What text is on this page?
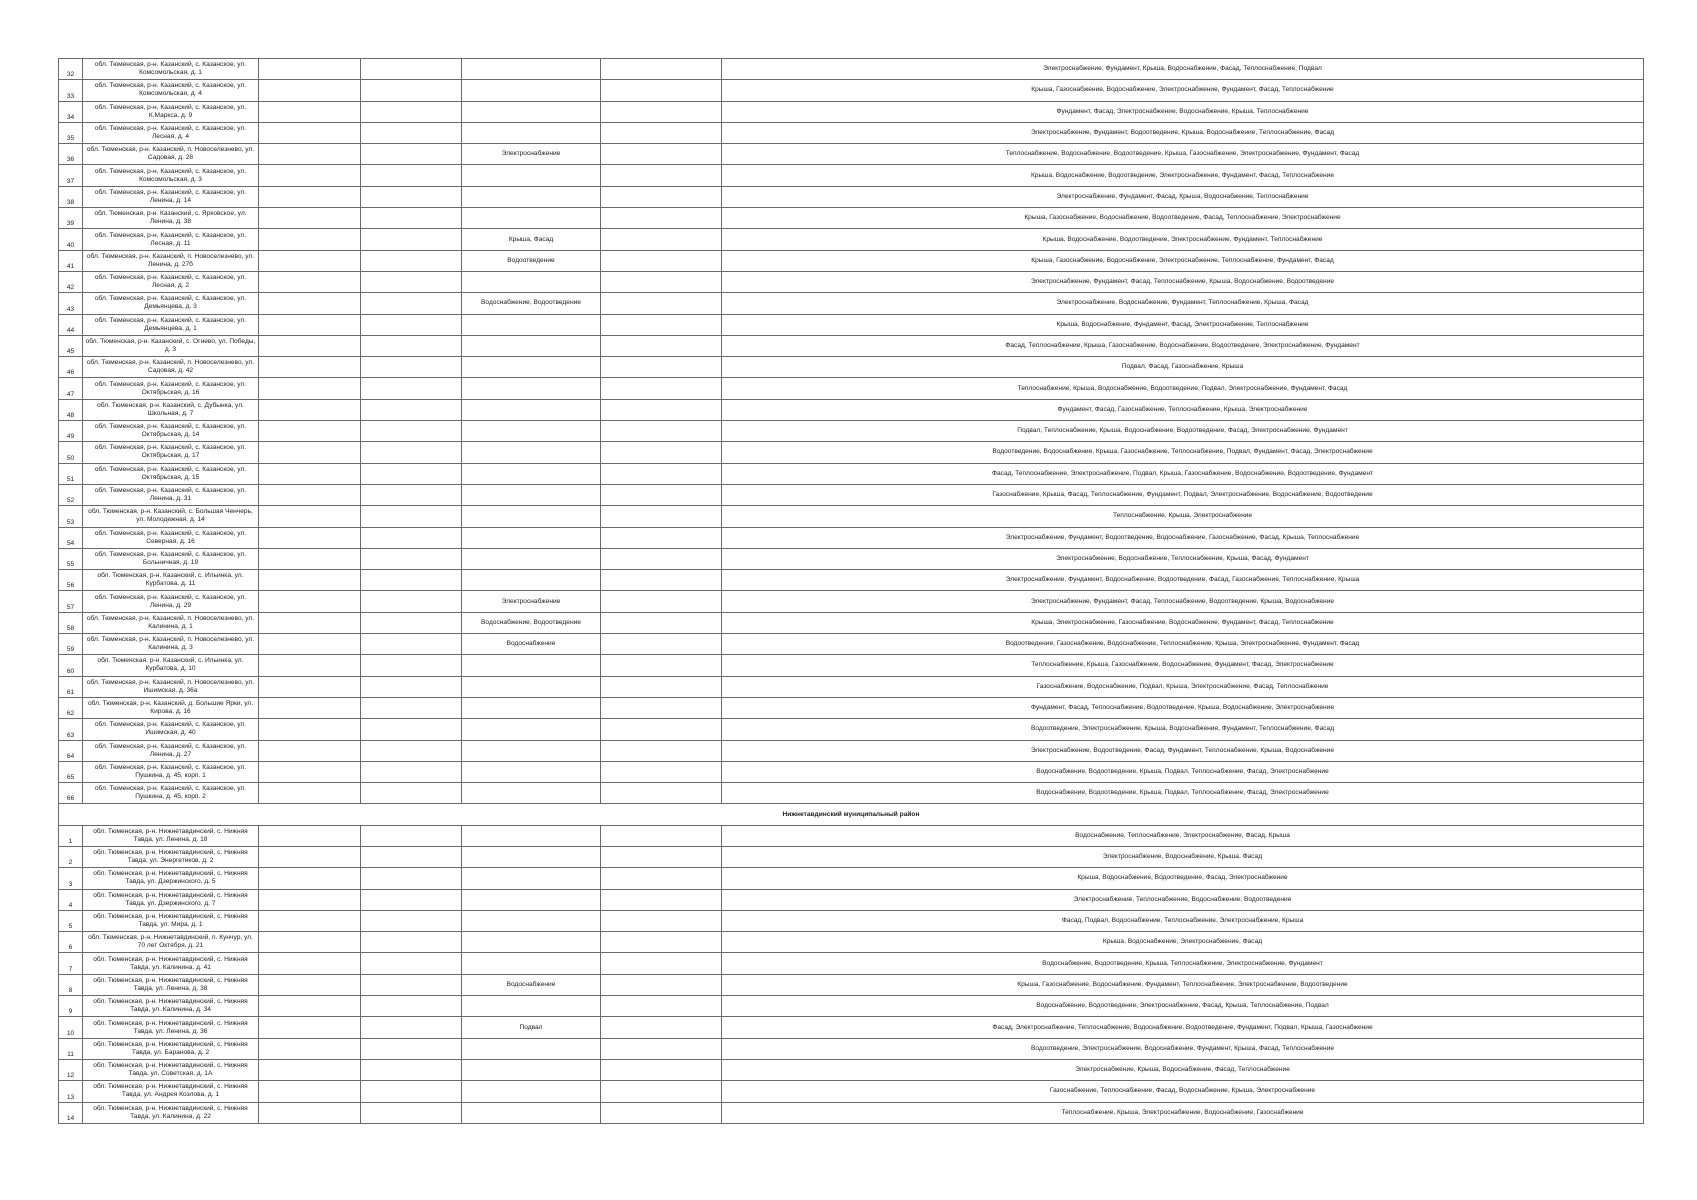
32	обл. Тюменская, р-н. Казанский, с. Казанское, ул. Комсомольская, д. 1					Электроснабжение, Фундамент, Крыша, Водоснабжение, Фасад, Теплоснабжение, Подвал
33	обл. Тюменская, р-н. Казанский, с. Казанское, ул. Комсомольская, д. 4					Крыша, Газоснабжение, Водоснабжение, Электроснабжение, Фундамент, Фасад, Теплоснабжение
34	обл. Тюменская, р-н. Казанский, с. Казанское, ул. К.Маркса, д. 9					Фундамент, Фасад, Электроснабжение, Водоснабжение, Крыша, Теплоснабжение
35	обл. Тюменская, р-н. Казанский, с. Казанское, ул. Лесная, д. 4					Электроснабжение, Фундамент, Водоотведение, Крыша, Водоснабжение, Теплоснабжение, Фасад
36	обл. Тюменская, р-н. Казанский, п. Новоселезнево, ул. Садовая, д. 28			Электроснабжение		Теплоснабжение, Водоснабжение, Водоотведение, Крыша, Газоснабжение, Электроснабжение, Фундамент, Фасад
37	обл. Тюменская, р-н. Казанский, с. Казанское, ул. Комсомольская, д. 3					Крыша, Водоснабжение, Водоотведение, Электроснабжение, Фундамент, Фасад, Теплоснабжение
38	обл. Тюменская, р-н. Казанский, с. Казанское, ул. Ленина, д. 14					Электроснабжение, Фундамент, Фасад, Крыша, Водоснабжение, Теплоснабжение
39	обл. Тюменская, р-н. Казанский, с. Ярковское, ул. Ленина, д. 38					Крыша, Газоснабжение, Водоснабжение, Водоотведение, Фасад, Теплоснабжение, Электроснабжение
40	обл. Тюменская, р-н. Казанский, с. Казанское, ул. Лесная, д. 11			Крыша, Фасад		Крыша, Водоснабжение, Водоотведение, Электроснабжение, Фундамент, Теплоснабжение
41	обл. Тюменская, р-н. Казанский, п. Новоселезнево, ул. Ленина, д. 27б			Водоотведение		Крыша, Газоснабжение, Водоснабжение, Электроснабжение, Теплоснабжение, Фундамент, Фасад
42	обл. Тюменская, р-н. Казанский, с. Казанское, ул. Лесная, д. 2					Электроснабжение, Фундамент, Фасад, Теплоснабжение, Крыша, Водоснабжение, Водоотведение
43	обл. Тюменская, р-н. Казанский, с. Казанское, ул. Демьянцева, д. 3			Водоснабжение, Водоотведение		Электроснабжение, Водоснабжение, Фундамент, Теплоснабжение, Крыша, Фасад
44	обл. Тюменская, р-н. Казанский, с. Казанское, ул. Демьянцева, д. 1					Крыша, Водоснабжение, Фундамент, Фасад, Электроснабжение, Теплоснабжение
45	обл. Тюменская, р-н. Казанский, с. Огнево, ул. Победы, д. 3					Фасад, Теплоснабжение, Крыша, Газоснабжение, Водоснабжение, Водоотведение, Электроснабжение, Фундамент
46	обл. Тюменская, р-н. Казанский, п. Новоселезнево, ул. Садовая, д. 42					Подвал, Фасад, Газоснабжение, Крыша
47	обл. Тюменская, р-н. Казанский, с. Казанское, ул. Октябрьская, д. 16					Теплоснабжение, Крыша, Водоснабжение, Водоотведение, Подвал, Электроснабжение, Фундамент, Фасад
48	обл. Тюменская, р-н. Казанский, с. Дубынка, ул. Школьная, д. 7					Фундамент, Фасад, Газоснабжение, Теплоснабжение, Крыша, Электроснабжение
49	обл. Тюменская, р-н. Казанский, с. Казанское, ул. Октябрьская, д. 14					Подвал, Теплоснабжение, Крыша, Водоснабжение, Водоотведение, Фасад, Электроснабжение, Фундамент
50	обл. Тюменская, р-н. Казанский, с. Казанское, ул. Октябрьская, д. 17					Водоотведение, Водоснабжение, Крыша, Газоснабжение, Теплоснабжение, Подвал, Фундамент, Фасад, Электроснабжение
51	обл. Тюменская, р-н. Казанский, с. Казанское, ул. Октябрьская, д. 15					Фасад, Теплоснабжение, Электроснабжение, Подвал, Крыша, Газоснабжение, Водоснабжение, Водоотведение, Фундамент
52	обл. Тюменская, р-н. Казанский, с. Казанское, ул. Ленина, д. 31					Газоснабжение, Крыша, Фасад, Теплоснабжение, Фундамент, Подвал, Электроснабжение, Водоснабжение, Водоотведение
53	обл. Тюменская, р-н. Казанский, с. Большая Ченчерь, ул. Молодежная, д. 14					Теплоснабжение, Крыша, Электроснабжение
54	обл. Тюменская, р-н. Казанский, с. Казанское, ул. Северная, д. 16					Электроснабжение, Фундамент, Водоотведение, Водоснабжение, Газоснабжение, Фасад, Крыша, Теплоснабжение
55	обл. Тюменская, р-н. Казанский, с. Казанское, ул. Больничная, д. 19					Электроснабжение, Водоснабжение, Теплоснабжение, Крыша, Фасад, Фундамент
56	обл. Тюменская, р-н. Казанский, с. Ильинка, ул. Курбатова, д. 11					Электроснабжение, Фундамент, Водоснабжение, Водоотведение, Фасад, Газоснабжение, Теплоснабжение, Крыша
57	обл. Тюменская, р-н. Казанский, с. Казанское, ул. Ленина, д. 29			Электроснабжение		Электроснабжение, Фундамент, Фасад, Теплоснабжение, Водоотведение, Крыша, Водоснабжение
58	обл. Тюменская, р-н. Казанский, п. Новоселезнево, ул. Калинина, д. 1			Водоснабжение, Водоотведение		Крыша, Электроснабжение, Газоснабжение, Водоснабжение, Фундамент, Фасад, Теплоснабжение
59	обл. Тюменская, р-н. Казанский, п. Новоселезнево, ул. Калинина, д. 3			Водоснабжение		Водоотведение, Газоснабжение, Водоснабжение, Теплоснабжение, Крыша, Электроснабжение, Фундамент, Фасад
60	обл. Тюменская, р-н. Казанский, с. Ильинка, ул. Курбатова, д. 10					Теплоснабжение, Крыша, Газоснабжение, Водоснабжение, Фундамент, Фасад, Электроснабжение
61	обл. Тюменская, р-н. Казанский, п. Новоселезнево, ул. Ишимская, д. 36а					Газоснабжение, Водоснабжение, Подвал, Крыша, Электроснабжение, Фасад, Теплоснабжение
62	обл. Тюменская, р-н. Казанский, д. Большие Ярки, ул. Кирова, д. 16					Фундамент, Фасад, Теплоснабжение, Водоотведение, Крыша, Водоснабжение, Электроснабжение
63	обл. Тюменская, р-н. Казанский, с. Казанское, ул. Ишимская, д. 40					Водоотведение, Электроснабжение, Крыша, Водоснабжение, Фундамент, Теплоснабжение, Фасад
64	обл. Тюменская, р-н. Казанский, с. Казанское, ул. Ленина, д. 27					Электроснабжение, Водоотведение, Фасад, Фундамент, Теплоснабжение, Крыша, Водоснабжение
65	обл. Тюменская, р-н. Казанский, с. Казанское, ул. Пушкина, д. 45, корп. 1					Водоснабжение, Водоотведение, Крыша, Подвал, Теплоснабжение, Фасад, Электроснабжение
66	обл. Тюменская, р-н. Казанский, с. Казанское, ул. Пушкина, д. 45, корп. 2					Водоснабжение, Водоотведение, Крыша, Подвал, Теплоснабжение, Фасад, Электроснабжение
Нижнетавдинский муниципальный район						
1	обл. Тюменская, р-н. Нижнетавдинский, с. Нижняя Тавда, ул. Ленина, д. 18					Водоснабжение, Теплоснабжение, Электроснабжение, Фасад, Крыша
2	обл. Тюменская, р-н. Нижнетавдинский, с. Нижняя Тавда, ул. Энергетиков, д. 2					Электроснабжение, Водоснабжение, Крыша, Фасад
3	обл. Тюменская, р-н. Нижнетавдинский, с. Нижняя Тавда, ул. Дзержинского, д. 5					Крыша, Водоснабжение, Водоотведение, Фасад, Электроснабжение
4	обл. Тюменская, р-н. Нижнетавдинский, с. Нижняя Тавда, ул. Дзержинского, д. 7					Электроснабжение, Теплоснабжение, Водоснабжение, Водоотведение
5	обл. Тюменская, р-н. Нижнетавдинский, с. Нижняя Тавда, ул. Мира, д. 1					Фасад, Подвал, Водоснабжение, Теплоснабжение, Электроснабжение, Крыша
6	обл. Тюменская, р-н. Нижнетавдинский, п. Кунчур, ул. 70 лет Октября, д. 21					Крыша, Водоснабжение, Электроснабжение, Фасад
7	обл. Тюменская, р-н. Нижнетавдинский, с. Нижняя Тавда, ул. Калинина, д. 41					Водоснабжение, Водоотведение, Крыша, Теплоснабжение, Электроснабжение, Фундамент
8	обл. Тюменская, р-н. Нижнетавдинский, с. Нижняя Тавда, ул. Ленина, д. 38			Водоснабжение		Крыша, Газоснабжение, Водоснабжение, Фундамент, Теплоснабжение, Электроснабжение, Водоотведение
9	обл. Тюменская, р-н. Нижнетавдинский, с. Нижняя Тавда, ул. Калинина, д. 34					Водоснабжение, Водоотведение, Электроснабжение, Фасад, Крыша, Теплоснабжение, Подвал
10	обл. Тюменская, р-н. Нижнетавдинский, с. Нижняя Тавда, ул. Ленина, д. 36			Подвал		Фасад, Электроснабжение, Теплоснабжение, Водоснабжение, Водоотведение, Фундамент, Подвал, Крыша, Газоснабжение
11	обл. Тюменская, р-н. Нижнетавдинский, с. Нижняя Тавда, ул. Баранова, д. 2					Водоотведение, Электроснабжение, Водоснабжение, Фундамент, Крыша, Фасад, Теплоснабжение
12	обл. Тюменская, р-н. Нижнетавдинский, с. Нижняя Тавда, ул. Советская, д. 1А					Электроснабжение, Крыша, Водоснабжение, Фасад, Теплоснабжение
13	обл. Тюменская, р-н. Нижнетавдинский, с. Нижняя Тавда, ул. Андрея Козлова, д. 1					Газоснабжение, Теплоснабжение, Фасад, Водоснабжение, Крыша, Электроснабжение
14	обл. Тюменская, р-н. Нижнетавдинский, с. Нижняя Тавда, ул. Калинина, д. 22					Теплоснабжение, Крыша, Электроснабжение, Водоснабжение, Газоснабжение
